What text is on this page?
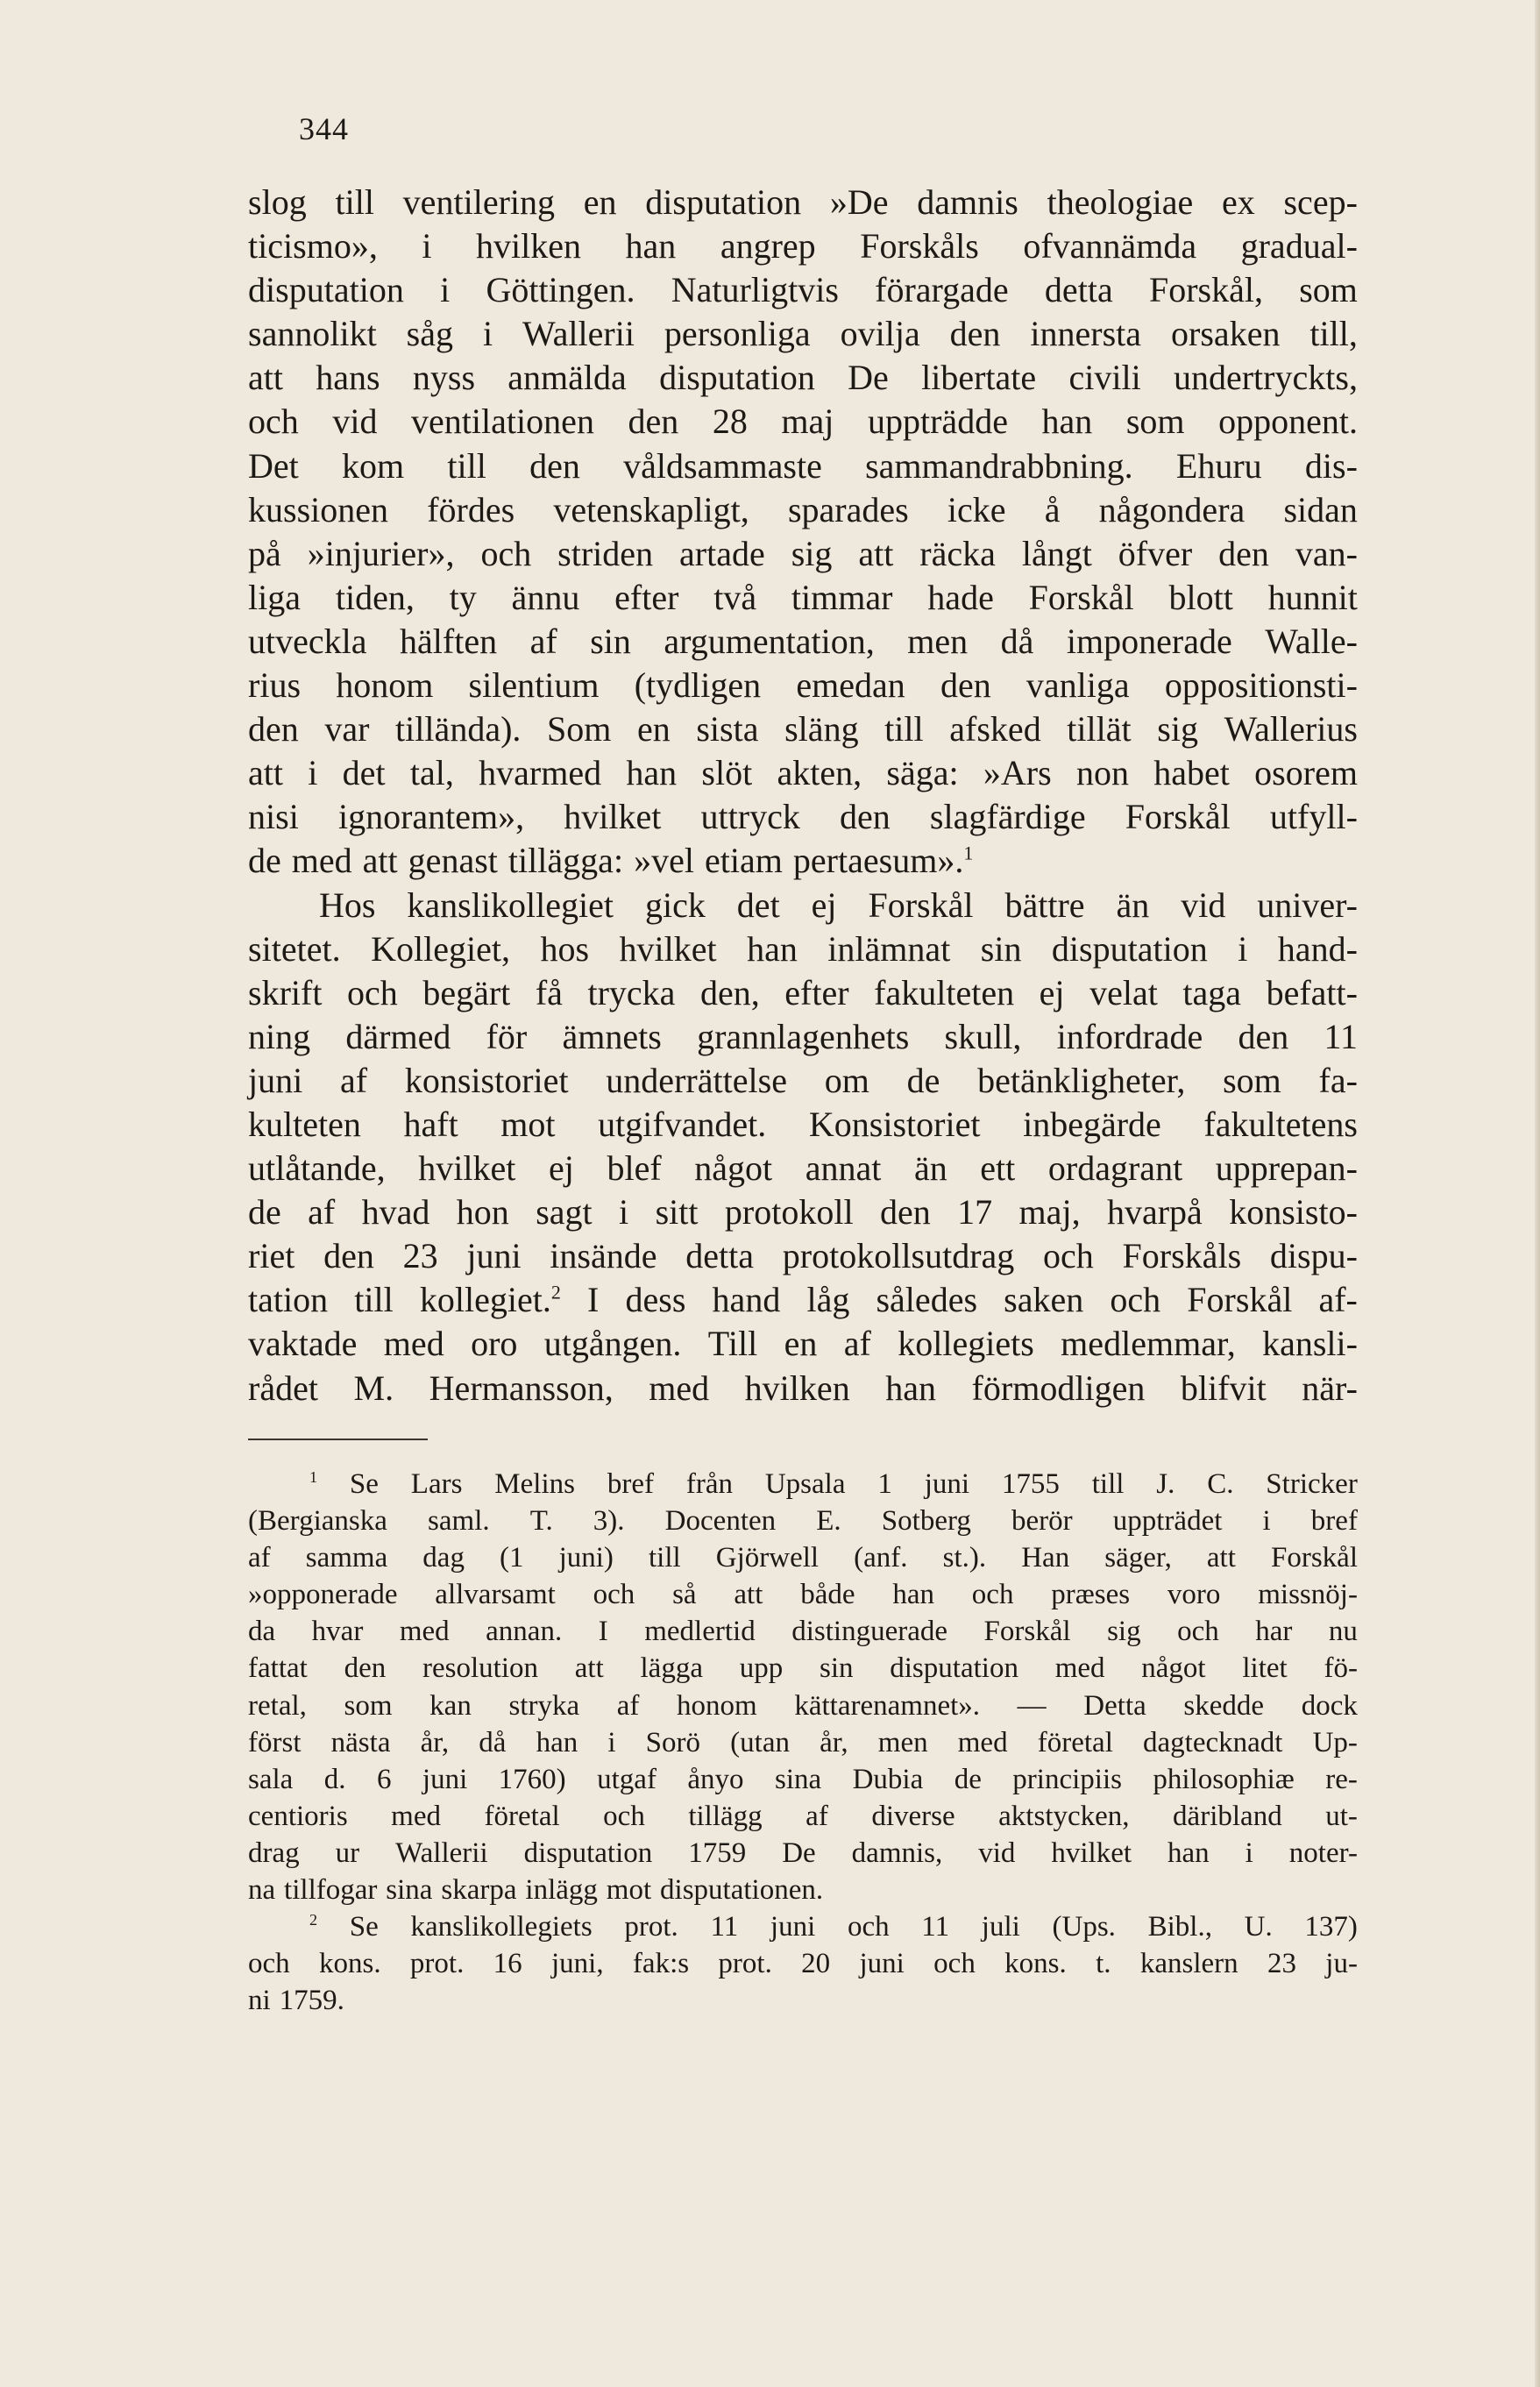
344
slog till ventilering en disputation »De damnis theologiae ex scep-
ticismo», i hvilken han angrep Forskåls ofvannämda gradual-
disputation i Göttingen. Naturligtvis förargade detta Forskål, som
sannolikt såg i Wallerii personliga ovilja den innersta orsaken till,
att hans nyss anmälda disputation De libertate civili undertryckts,
och vid ventilationen den 28 maj uppträdde han som opponent.
Det kom till den våldsammaste sammandrabbning. Ehuru dis-
kussionen fördes vetenskapligt, sparades icke å någondera sidan
på »injurier», och striden artade sig att räcka långt öfver den van-
liga tiden, ty ännu efter två timmar hade Forskål blott hunnit
utveckla hälften af sin argumentation, men då imponerade Walle-
rius honom silentium (tydligen emedan den vanliga oppositionsti-
den var tillända). Som en sista släng till afsked tillät sig Wallerius
att i det tal, hvarmed han slöt akten, säga: »Ars non habet osorem
nisi ignorantem», hvilket uttryck den slagfärdige Forskål utfyll-
de med att genast tillägga: »vel etiam pertaesum».$^1$
Hos kanslikollegiet gick det ej Forskål bättre än vid univer-
sitetet. Kollegiet, hos hvilket han inlämnat sin disputation i hand-
skrift och begärt få trycka den, efter fakulteten ej velat taga befatt-
ning därmed för ämnets grannlagenhets skull, infordrade den 11
juni af konsistoriet underrättelse om de betänkligheter, som fa-
kulteten haft mot utgifvandet. Konsistoriet inbegärde fakultetens
utlåtande, hvilket ej blef något annat än ett ordagrant upprepan-
de af hvad hon sagt i sitt protokoll den 17 maj, hvarpå konsisto-
riet den 23 juni insände detta protokollsutdrag och Forskåls dispu-
tation till kollegiet.$^2$ I dess hand låg således saken och Forskål af-
vaktade med oro utgången. Till en af kollegiets medlemmar, kansli-
rådet M. Hermansson, med hvilken han förmodligen blifvit när-
$^1$ Se Lars Melins bref från Upsala 1 juni 1755 till J. C. Stricker
(Bergianska saml. T. 3). Docenten E. Sotberg berör uppträdet i bref
af samma dag (1 juni) till Gjörwell (anf. st.). Han säger, att Forskål
»opponerade allvarsamt och så att både han och præses voro missnöj-
da hvar med annan. I medlertid distinguerade Forskål sig och har nu
fattat den resolution att lägga upp sin disputation med något litet fö-
retal, som kan stryka af honom kättarenamnet». — Detta skedde dock
först nästa år, då han i Sorö (utan år, men med företal dagtecknadt Up-
sala d. 6 juni 1760) utgaf ånyo sina Dubia de principiis philosophiæ re-
centioris med företal och tillägg af diverse aktstycken, däribland ut-
drag ur Wallerii disputation 1759 De damnis, vid hvilket han i noter-
na tillfogar sina skarpa inlägg mot disputationen.
$^2$ Se kanslikollegiets prot. 11 juni och 11 juli (Ups. Bibl., U. 137)
och kons. prot. 16 juni, fak:s prot. 20 juni och kons. t. kanslern 23 ju-
ni 1759.
